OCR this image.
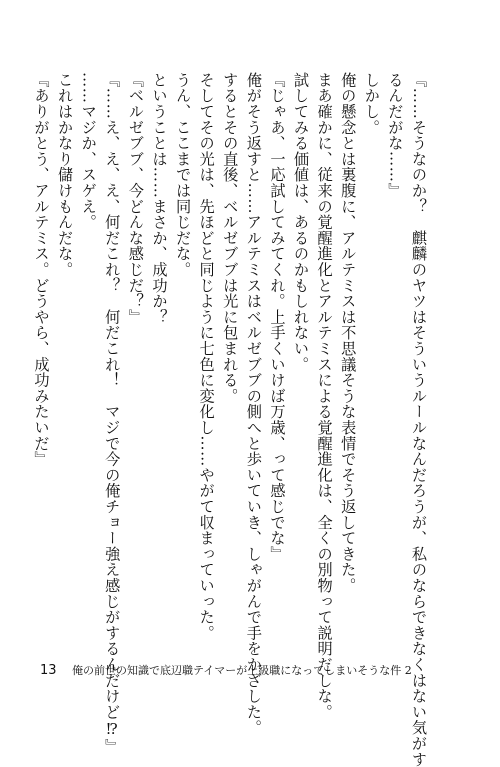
『……そうなのか？　麒麟のヤツはそういうルールなんだろうが、私のならできなくはない気がす
るんだがな……』
しかし。
俺の懸念とは裏腹に、アルテミスは不思議そうな表情でそう返してきた。
まあ確かに、従来の覚醒進化とアルテミスによる覚醒進化は、全くの別物って説明だしな。
試してみる価値は、あるのかもしれない。
『じゃあ、一応試してみてくれ。上手くいけば万歳、って感じでな』
俺がそう返すと……アルテミスはベルゼブブの側へと歩いていき、しゃがんで手をかざした。
するとその直後、ベルゼブブは光に包まれる。
そしてその光は、先ほどと同じように七色に変化し……やがて収まっていった。
うん、ここまでは同じだな。
ということは……まさか、成功か？
『ベルゼブブ、今どんな感じだ？』
『……え、え、え、何だこれ？　何だこれ！　マジで今の俺チョー強え感じがするんだけど⁉』
……マジか、スゲえ。
これはかなり儲けもんだな。
『ありがとう、アルテミス。どうやら、成功みたいだ』
13 俺の前世の知識で底辺職テイマーが上級職になってしまいそうな件 2
